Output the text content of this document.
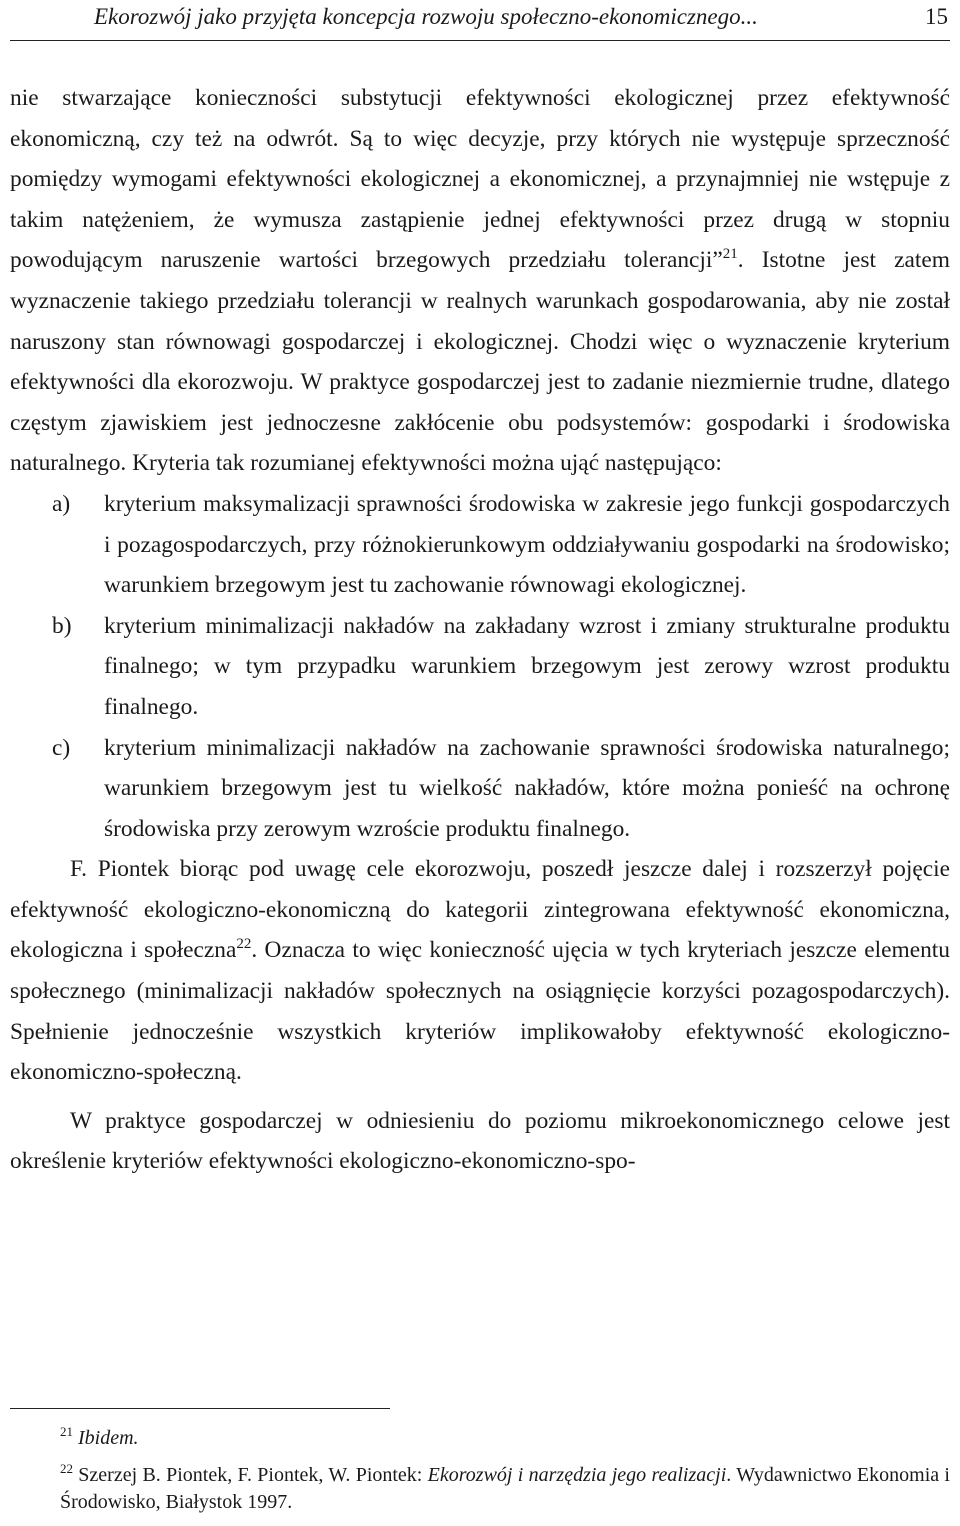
Ekorozwój jako przyjęta koncepcja rozwoju społeczno-ekonomicznego...	15

nie stwarzające konieczności substytucji efektywności ekologicznej przez efektywność ekonomiczną, czy też na odwrót. Są to więc decyzje, przy których nie występuje sprzeczność pomiędzy wymogami efektywności ekologicznej a ekonomicznej, a przynajmniej nie wstępuje z takim natężeniem, że wymusza zastąpienie jednej efektywności przez drugą w stopniu powodującym naruszenie wartości brzegowych przedziału tolerancji”$^{21}$. Istotne jest zatem wyznaczenie takiego przedziału tolerancji w realnych warunkach gospodarowania, aby nie został naruszony stan równowagi gospodarczej i ekologicznej. Chodzi więc o wyznaczenie kryterium efektywności dla ekorozwoju. W praktyce gospodarczej jest to zadanie niezmiernie trudne, dlatego częstym zjawiskiem jest jednoczesne zakłócenie obu podsystemów: gospodarki i środowiska naturalnego. Kryteria tak rozumianej efektywności można ująć następująco:

a) kryterium maksymalizacji sprawności środowiska w zakresie jego funkcji gospodarczych i pozagospodarczych, przy różnokierunkowym oddziaływaniu gospodarki na środowisko; warunkiem brzegowym jest tu zachowanie równowagi ekologicznej.
b) kryterium minimalizacji nakładów na zakładany wzrost i zmiany strukturalne produktu finalnego; w tym przypadku warunkiem brzegowym jest zerowy wzrost produktu finalnego.
c) kryterium minimalizacji nakładów na zachowanie sprawności środowiska naturalnego; warunkiem brzegowym jest tu wielkość nakładów, które można ponieść na ochronę środowiska przy zerowym wzroście produktu finalnego.

F. Piontek biorąc pod uwagę cele ekorozwoju, poszedł jeszcze dalej i rozszerzył pojęcie efektywność ekologiczno-ekonomiczną do kategorii zintegrowana efektywność ekonomiczna, ekologiczna i społeczna$^{22}$. Oznacza to więc konieczność ujęcia w tych kryteriach jeszcze elementu społecznego (minimalizacji nakładów społecznych na osiągnięcie korzyści pozagospodarczych). Spełnienie jednocześnie wszystkich kryteriów implikowałoby efektywność ekologiczno-ekonomiczno-społeczną.

W praktyce gospodarczej w odniesieniu do poziomu mikroekonomicznego celowe jest określenie kryteriów efektywności ekologiczno-ekonomiczno-spo-

$^{21}$ Ibidem.

$^{22}$ Szerzej B. Piontek, F. Piontek, W. Piontek: Ekorozwój i narzędzia jego realizacji. Wydawnictwo Ekonomia i Środowisko, Białystok 1997.
